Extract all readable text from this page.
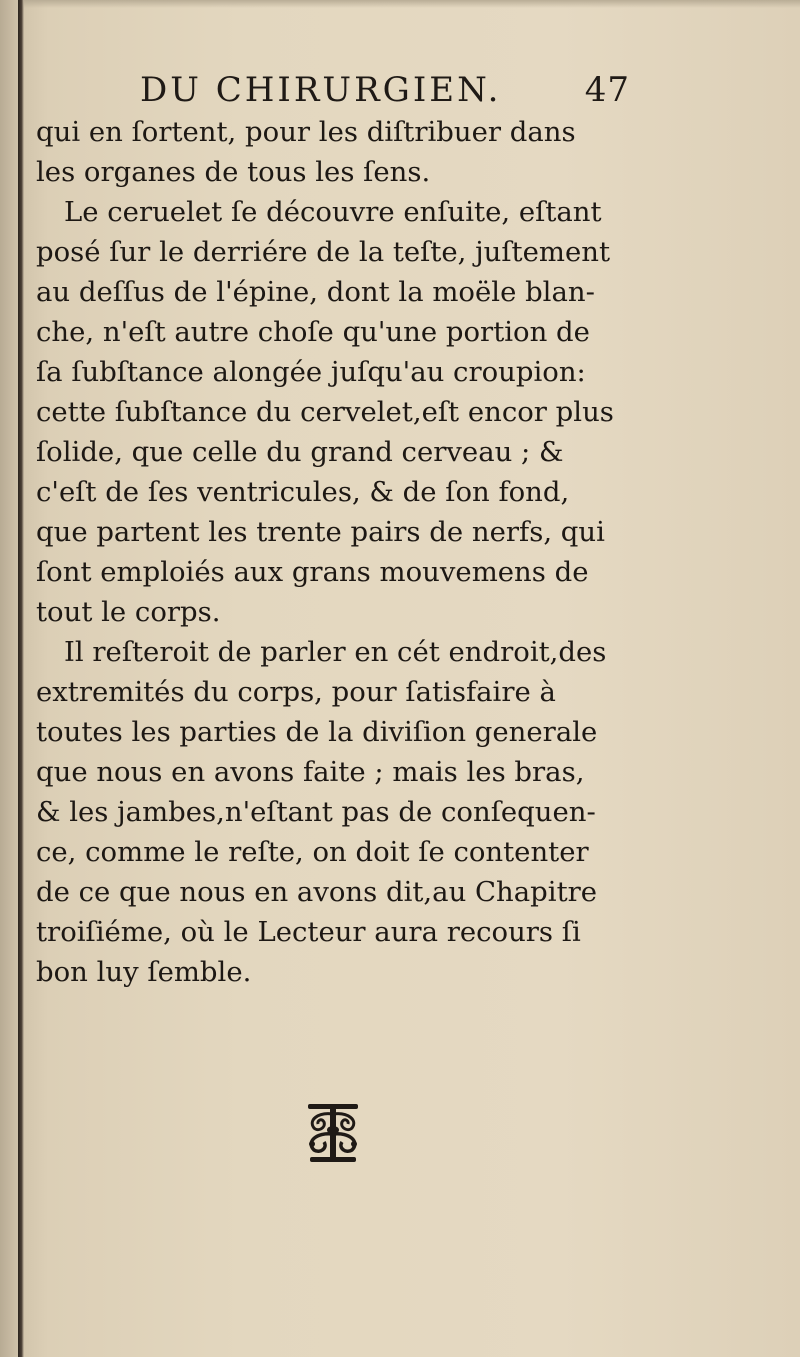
DU CHIRURGIEN. 47
qui en ſortent, pour les diſtribuer dans
les organes de tous les ſens.
Le ceruelet ſe découvre enſuite, eſtant
posé ſur le derriére de la teſte, juſtement
au deſſus de l'épine, dont la moële blan-
che, n'eſt autre choſe qu'une portion de
ſa ſubſtance alongée juſqu'au croupion:
cette ſubſtance du cervelet,eſt encor plus
ſolide, que celle du grand cerveau ; &
c'eſt de ſes ventricules, & de ſon fond,
que partent les trente pairs de nerfs, qui
ſont emploiés aux grans mouvemens de
tout le corps.
Il reſteroit de parler en cét endroit,des
extremités du corps, pour ſatisfaire à
toutes les parties de la diviſion generale
que nous en avons faite ; mais les bras,
& les jambes,n'eſtant pas de conſequen-
ce, comme le reſte, on doit ſe contenter
de ce que nous en avons dit,au Chapitre
troiſiéme, où le Lecteur aura recours ſi
bon luy ſemble.
